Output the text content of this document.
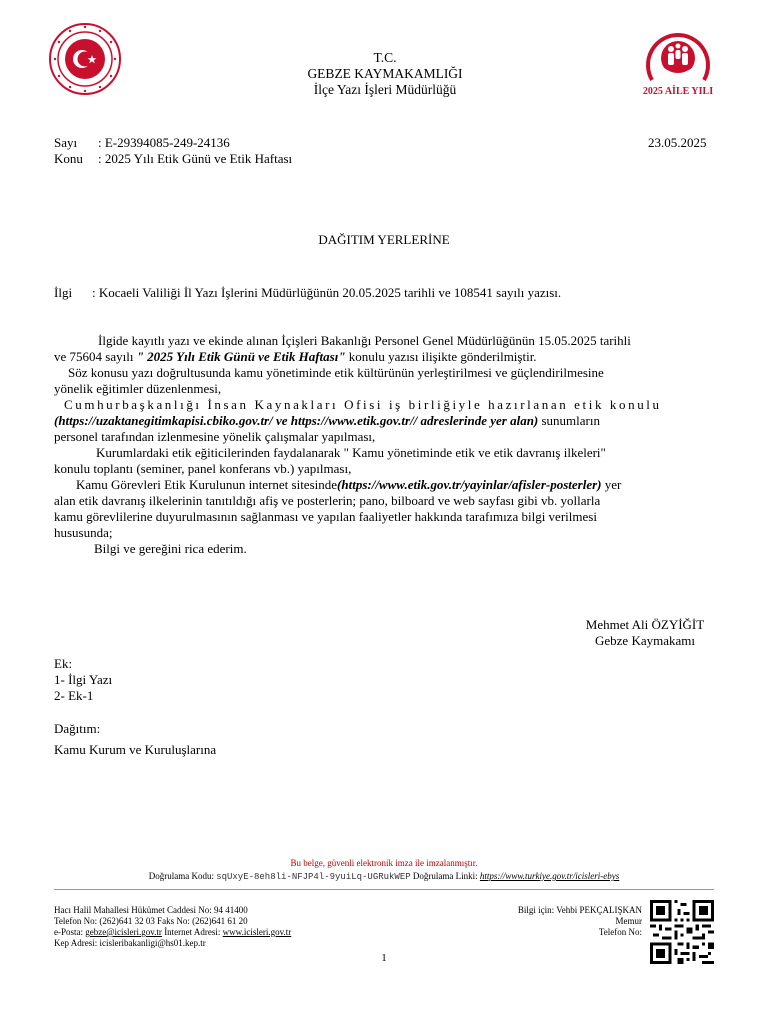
T.C.
GEBZE KAYMAKAMLIĞI
İlçe Yazı İşleri Müdürlüğü	2025 AİLE YILI
Sayı : E-29394085-249-24136	23.05.2025
Konu : 2025 Yılı Etik Günü ve Etik Haftası
DAĞITIM YERLERİNE
İlgi : Kocaeli Valiliği İl Yazı İşlerini Müdürlüğünün 20.05.2025 tarihli ve 108541 sayılı yazısı.
İlgide kayıtlı yazı ve ekinde alınan İçişleri Bakanlığı Personel Genel Müdürlüğünün 15.05.2025 tarihli
ve 75604 sayılı " 2025 Yılı Etik Günü ve Etik Haftası" konulu yazısı ilişikte gönderilmiştir.
Söz konusu yazı doğrultusunda kamu yönetiminde etik kültürünün yerleştirilmesi ve güçlendirilmesine
yönelik eğitimler düzenlenmesi,
Cumhurbaşkanlığı İnsan Kaynakları Ofisi iş birliğiyle hazırlanan etik konulu
(https://uzaktanegitimkapisi.cbiko.gov.tr/ ve https://www.etik.gov.tr// adreslerinde yer alan) sunumların
personel tarafından izlenmesine yönelik çalışmalar yapılması,
Kurumlardaki etik eğiticilerinden faydalanarak " Kamu yönetiminde etik ve etik davranış ilkeleri"
konulu toplantı (seminer, panel konferans vb.) yapılması,
Kamu Görevleri Etik Kurulunun internet sitesinde(https://www.etik.gov.tr/yayinlar/afisler-posterler) yer
alan etik davranış ilkelerinin tanıtıldığı afiş ve posterlerin; pano, bilboard ve web sayfası gibi vb. yollarla
kamu görevlilerine duyurulmasının sağlanması ve yapılan faaliyetler hakkında tarafımıza bilgi verilmesi
hususunda;
Bilgi ve gereğini rica ederim.
Mehmet Ali ÖZYİĞİT
Gebze Kaymakamı
Ek:
1- İlgi Yazı
2- Ek-1
Dağıtım:
Kamu Kurum ve Kuruluşlarına
Bu belge, güvenli elektronik imza ile imzalanmıştır.
Doğrulama Kodu: sqUxyE-8eh8li-NFJP4l-9yuiLq-UGRukWEP Doğrulama Linki: https://www.turkiye.gov.tr/icisleri-ebys
Hacı Halil Mahallesi Hükümet Caddesi No: 94 41400
Telefon No: (262)641 32 03 Faks No: (262)641 61 20
e-Posta: gebze@icisleri.gov.tr İnternet Adresi: www.icisleri.gov.tr
Kep Adresi: icisleribakanligi@hs01.kep.tr
Bilgi için: Vehbi PEKÇALIŞKAN
Memur
Telefon No:
1
